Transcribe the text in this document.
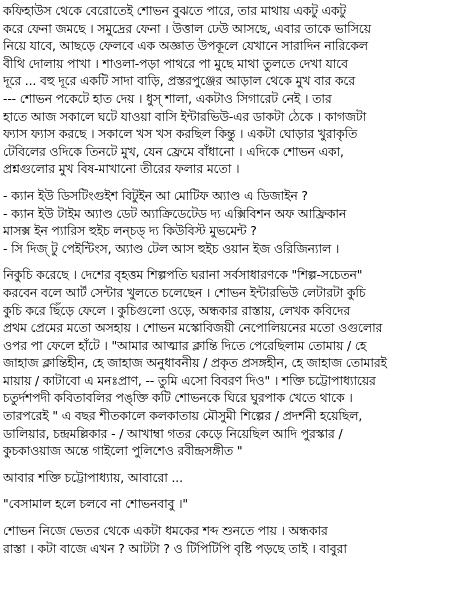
কফিহাউস থেকে বেরোতেই শোভন বুঝতে পারে, তার মাথায় একটু একটু
করে ফেনা জমছে । সমুদ্রের ফেনা । উত্তাল ঢেউ আসছে, এবার তাকে ভাসিয়ে
নিয়ে যাবে, আছড়ে ফেলবে এক অজ্ঞাত উপকূলে যেখানে সারাদিন নারিকেল
বীথি দোলায় পাখা । শাওলা-পড়া পাথরে পা মুছে মাথা তুলতে দেখা যাবে
দূরে ... বহু দূরে একটি সাদা বাড়ি, প্রস্তরপুঞ্জের আড়াল থেকে মুখ বার করে
--- শোভন পকেটে হাত দেয় । ধুস্‌ শালা, একটাও সিগারেট নেই । তার
হাতে আজ সকালে ঘটে যাওয়া বাসি ইন্টারভিউ-এর ডাকটা ঠেকে । কাগজটা
ফ্যাস ফ্যাস করছে । সকালে খস খস করছিল কিন্তু । একটা ঘোড়ার খুরাকৃতি
টেবিলের ওদিকে তিনটে মুখ, যেন ফ্রেমে বাঁধানো । এদিকে শোভন একা,
প্রশ্নগুলোর মুখ বিষ-মাখানো তীরের ফলার মতো ।
- ক্যান ইউ ডিসটিংগুইশ বিটুইন আ মোটিফ অ্যাণ্ড এ ডিজাইন ?
- ক্যান ইউ টাইম অ্যাণ্ড ডেট অ্যাক্রিডেটেড দ্য এক্সিবিশন অফ আফ্রিকান
মাসক্স ইন প্যারিস হুইচ লন্চড্‌ দ্য কিউবিস্ট মুভমেন্ট ?
- সি দিজ্‌ টু পেইন্টিংস, অ্যাণ্ড টেল আস হুইচ ওয়ান ইজ ওরিজিন্যাল ।
নিকুচি করেছে । দেশের বৃহত্তম শিল্পপতি ঘরানা সর্বসাধারণকে "শিল্প-সচেতন"
করবেন বলে আর্ট সেন্টার খুলতে চলেছেন । শোভন ইন্টারভিউ লেটারটা কুচি
কুচি করে ছিঁড়ে ফেলে । কুচিগুলো ওড়ে, অন্ধকার রাস্তায়, লেখক কবিদের
প্রথম প্রেমের মতো অসহায় । শোভন মস্কোবিজয়ী নেপোলিয়নের মতো ওগুলোর
ওপর পা ফেলে হাঁটে । "আমার আত্মার ক্লান্তি দিতে পেরেছিলাম তোমায় / হে
জাহাজ ক্লান্তিহীন, হে জাহাজ অনুধাবনীয় / প্রকৃত প্রসঙ্গহীন, হে জাহাজ তোমারই
মায়ায় / কাটাবো এ মনঃপ্রাণ, -- তুমি এসো বিবরণ দিও" । শক্তি চট্টোপাধ্যায়ের
চতুর্দশপদী কবিতাবলির পঙ্‌ক্তি কটি শোভনকে ঘিরে ঘুরপাক খেতে থাকে ।
তারপরেই " এ বছর শীতকালে কলকাতায় মৌসুমী শিল্পের / প্রদর্শনী হয়েছিল,
ডালিয়ার, চন্দ্রমল্লিকার - / আখাম্বা গতর কেড়ে নিয়েছিল আদি পুরস্কার /
কুচকাওয়াজ অন্তে গাইলো পুলিশেও রবীন্দ্রসঙ্গীত "
আবার শক্তি চট্টোপাধ্যায়, আবারো ...
"বেসামাল হলে চলবে না শোভনবাবু ।"
শোভন নিজে ভেতর থেকে একটা ধমকের শব্দ শুনতে পায় । অন্ধকার
রাস্তা । কটা বাজে এখন ? আটটা ? ও টিপিটিপি বৃষ্টি পড়ছে তাই । বাবুরা
